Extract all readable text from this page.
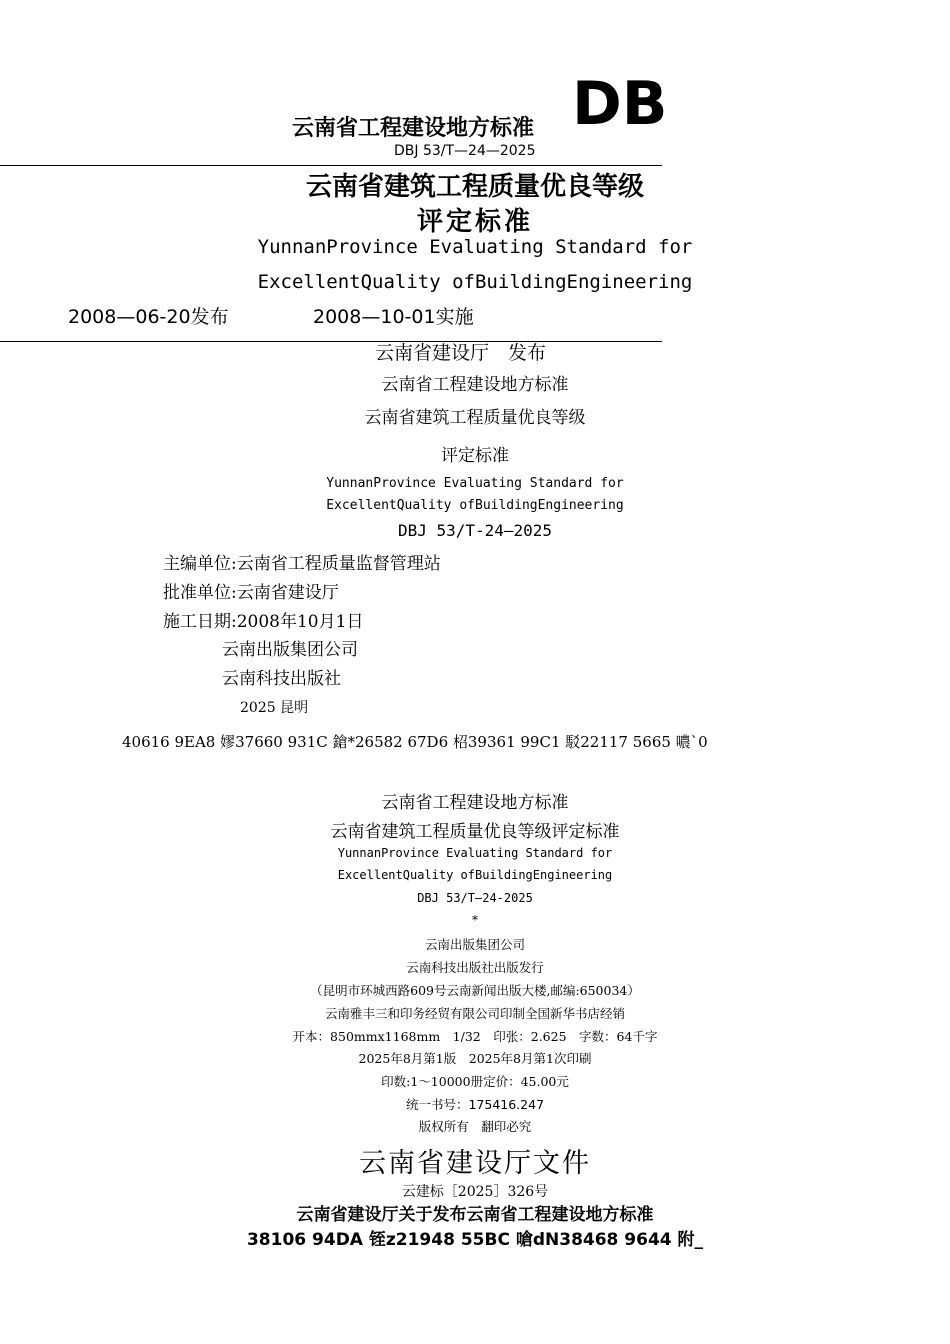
云南省工程建设地方标准 DB
DBJ 53/T—24—2025
云南省建筑工程质量优良等级
评定标准
YunnanProvince Evaluating Standard for
ExcellentQuality ofBuildingEngineering
2008—06-20发布	2008—10-01实施
云南省建设厅　发布
云南省工程建设地方标准
云南省建筑工程质量优良等级
评定标准
YunnanProvince Evaluating Standard for
ExcellentQuality ofBuildingEngineering
DBJ 53/T-24—2025
主编单位:云南省工程质量监督管理站
批准单位:云南省建设厅
施工日期:2008年10月1日
云南出版集团公司
云南科技出版社
2025 昆明
40616 9EA8 嫪37660 931C 鎗*26582 67D6 柖39361 99C1 駁22117 5665 噥`0
云南省工程建设地方标准
云南省建筑工程质量优良等级评定标准
YunnanProvince Evaluating Standard for
ExcellentQuality ofBuildingEngineering
DBJ 53/T—24-2025
*
云南出版集团公司
云南科技出版社出版发行
（昆明市环城西路609号云南新闻出版大楼,邮编:650034）
云南雅丰三和印务经贸有限公司印制全国新华书店经销
开本：850mmx1168mm　1/32　印张：2.625　字数：64千字
2025年8月第1版　2025年8月第1次印刷
印数:1～10000册定价：45.00元
统一书号：175416.247
版权所有　翻印必究
云南省建设厅文件
云建标［2025］326号
云南省建设厅关于发布云南省工程建设地方标准
38106 94DA 铚z21948 55BC 嗆dN38468 9644 附_
